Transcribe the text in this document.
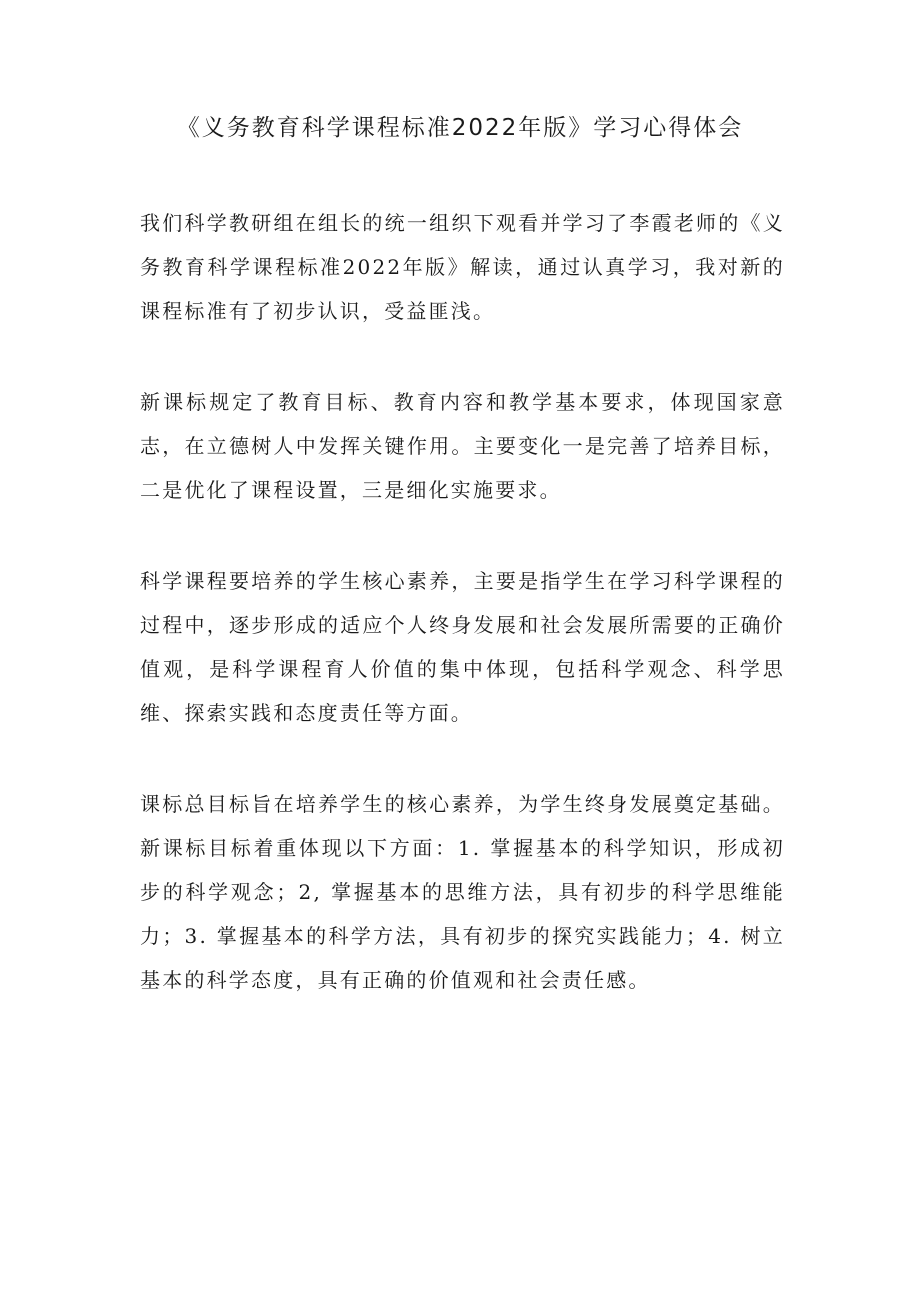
《义务教育科学课程标准2022年版》学习心得体会

我们科学教研组在组长的统一组织下观看并学习了李霞老师的《义务教育科学课程标准2022年版》解读，通过认真学习，我对新的课程标准有了初步认识，受益匪浅。

新课标规定了教育目标、教育内容和教学基本要求，体现国家意志，在立德树人中发挥关键作用。主要变化一是完善了培养目标，二是优化了课程设置，三是细化实施要求。

科学课程要培养的学生核心素养，主要是指学生在学习科学课程的过程中，逐步形成的适应个人终身发展和社会发展所需要的正确价值观，是科学课程育人价值的集中体现，包括科学观念、科学思维、探索实践和态度责任等方面。

课标总目标旨在培养学生的核心素养，为学生终身发展奠定基础。新课标目标着重体现以下方面：1. 掌握基本的科学知识，形成初步的科学观念；2, 掌握基本的思维方法，具有初步的科学思维能力；3. 掌握基本的科学方法，具有初步的探究实践能力；4. 树立基本的科学态度，具有正确的价值观和社会责任感。
